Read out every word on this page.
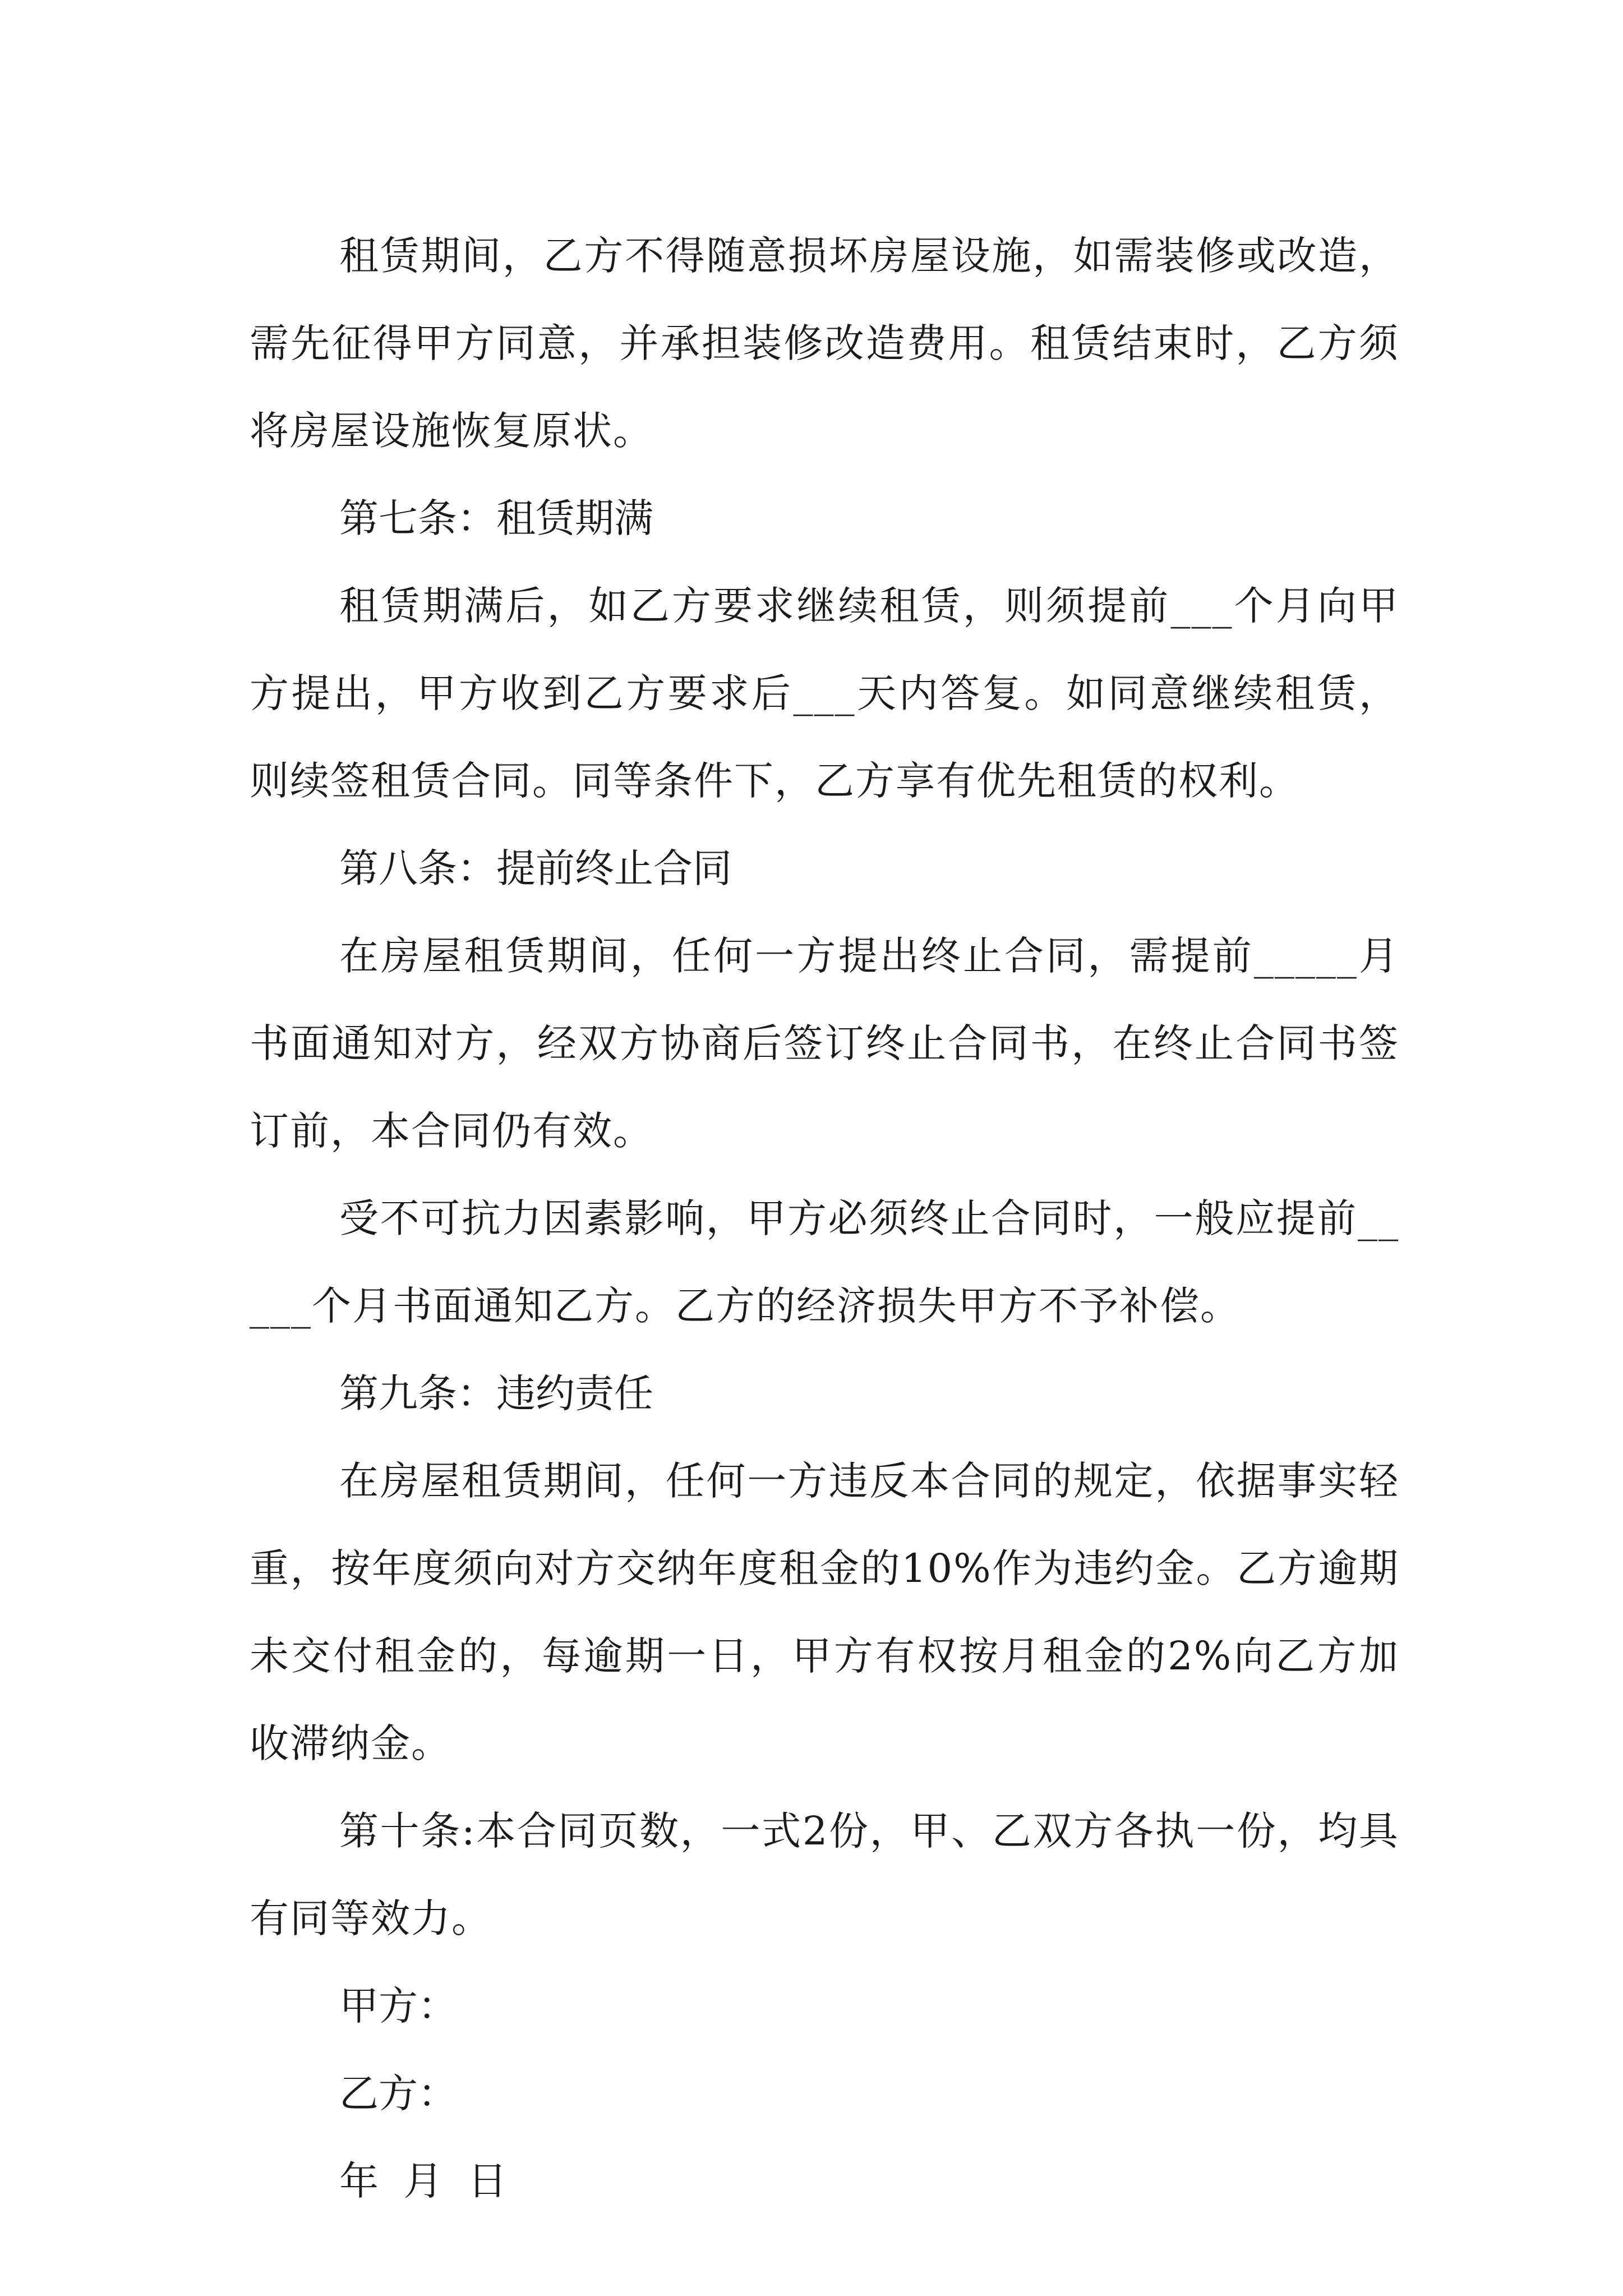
租赁期间，乙方不得随意损坏房屋设施，如需装修或改造，需先征得甲方同意，并承担装修改造费用。租赁结束时，乙方须将房屋设施恢复原状。

第七条：租赁期满

租赁期满后，如乙方要求继续租赁，则须提前___个月向甲方提出，甲方收到乙方要求后___天内答复。如同意继续租赁，则续签租赁合同。同等条件下，乙方享有优先租赁的权利。

第八条：提前终止合同

在房屋租赁期间，任何一方提出终止合同，需提前_____月书面通知对方，经双方协商后签订终止合同书，在终止合同书签订前，本合同仍有效。

受不可抗力因素影响，甲方必须终止合同时，一般应提前_____个月书面通知乙方。乙方的经济损失甲方不予补偿。

第九条：违约责任

在房屋租赁期间，任何一方违反本合同的规定，依据事实轻重，按年度须向对方交纳年度租金的10%作为违约金。乙方逾期未交付租金的，每逾期一日，甲方有权按月租金的2%向乙方加收滞纳金。

第十条:本合同页数，一式2份，甲、乙双方各执一份，均具有同等效力。

甲方：

乙方：

年  月  日
